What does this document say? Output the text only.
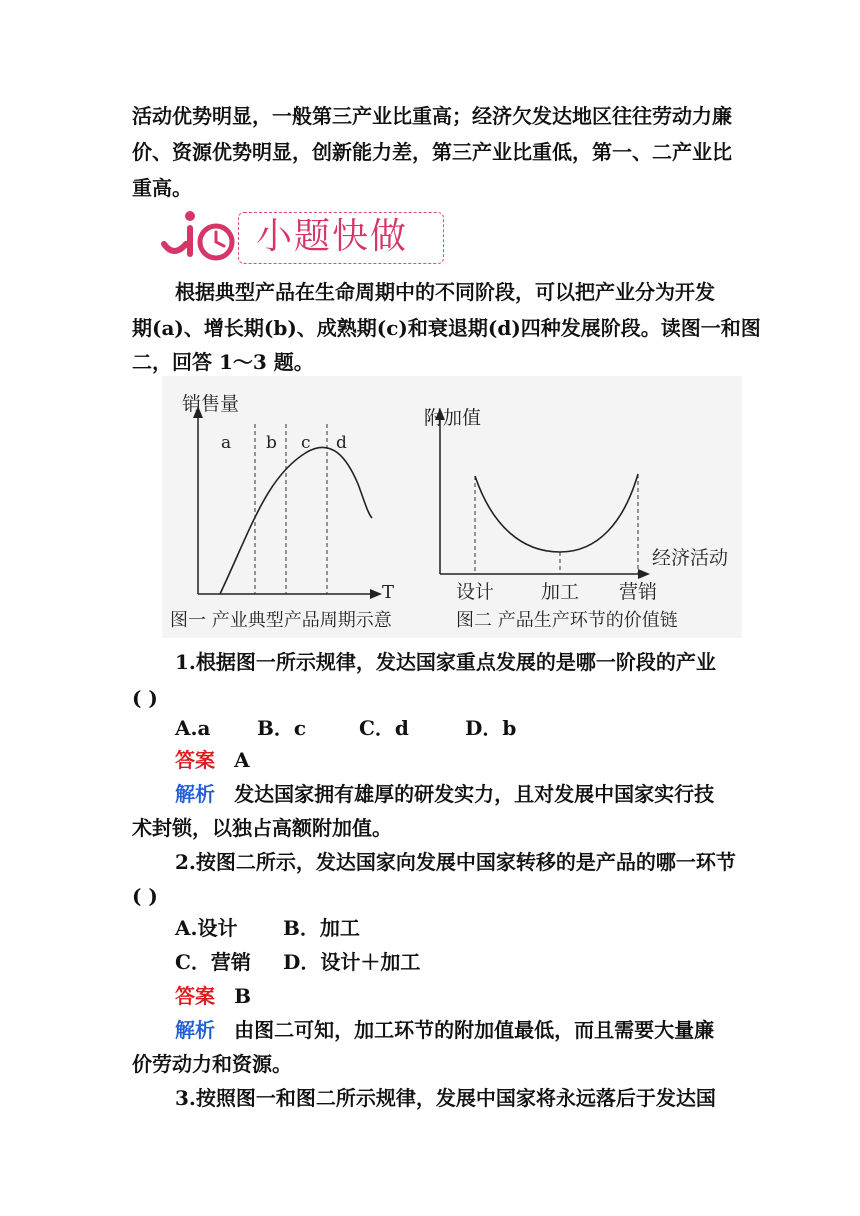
活动优势明显，一般第三产业比重高；经济欠发达地区往往劳动力廉
价、资源优势明显，创新能力差，第三产业比重低，第一、二产业比
重高。
小题快做
根据典型产品在生命周期中的不同阶段，可以把产业分为开发
期(a)、增长期(b)、成熟期(c)和衰退期(d)四种发展阶段。读图一和图
二，回答 1～3 题。
销售量
T
a b c d
图一 产业典型产品周期示意
附加值
经济活动
设计 加工 营销
图二 产品生产环节的价值链
1.根据图一所示规律，发达国家重点发展的是哪一阶段的产业
( )
A.a B．c	C．d	D．b
答案 A
解析 发达国家拥有雄厚的研发实力，且对发展中国家实行技
术封锁，以独占高额附加值。
2.按图二所示，发达国家向发展中国家转移的是产品的哪一环节
( )
A.设计 B．加工
C．营销 D．设计＋加工
答案 B
解析 由图二可知，加工环节的附加值最低，而且需要大量廉
价劳动力和资源。
3.按照图一和图二所示规律，发展中国家将永远落后于发达国
